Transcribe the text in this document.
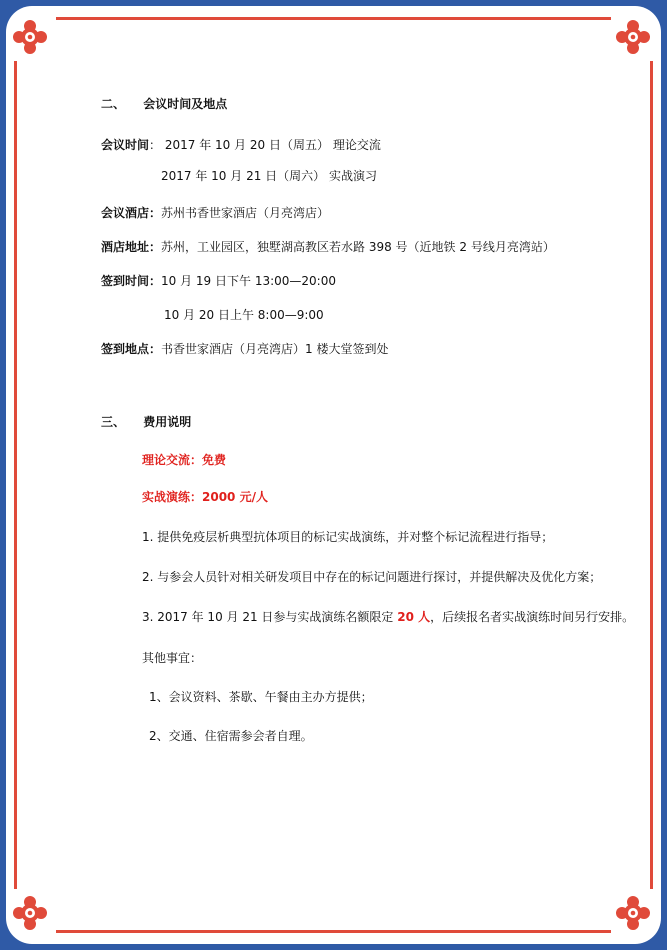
二、 会议时间及地点
会议时间： 2017 年 10 月 20 日（周五） 理论交流
2017 年 10 月 21 日（周六） 实战演习
会议酒店：苏州书香世家酒店（月亮湾店）
酒店地址：苏州，工业园区，独墅湖高教区若水路 398 号（近地铁 2 号线月亮湾站）
签到时间：10 月 19 日下午 13:00—20:00
10 月 20 日上午 8:00—9:00
签到地点：书香世家酒店（月亮湾店）1 楼大堂签到处
三、 费用说明
理论交流：免费
实战演练：2000 元/人
1. 提供免疫层析典型抗体项目的标记实战演练，并对整个标记流程进行指导；
2. 与参会人员针对相关研发项目中存在的标记问题进行探讨，并提供解决及优化方案；
3. 2017 年 10 月 21 日参与实战演练名额限定 20 人，后续报名者实战演练时间另行安排。
其他事宜：
1、会议资料、茶歇、午餐由主办方提供；
2、交通、住宿需参会者自理。
